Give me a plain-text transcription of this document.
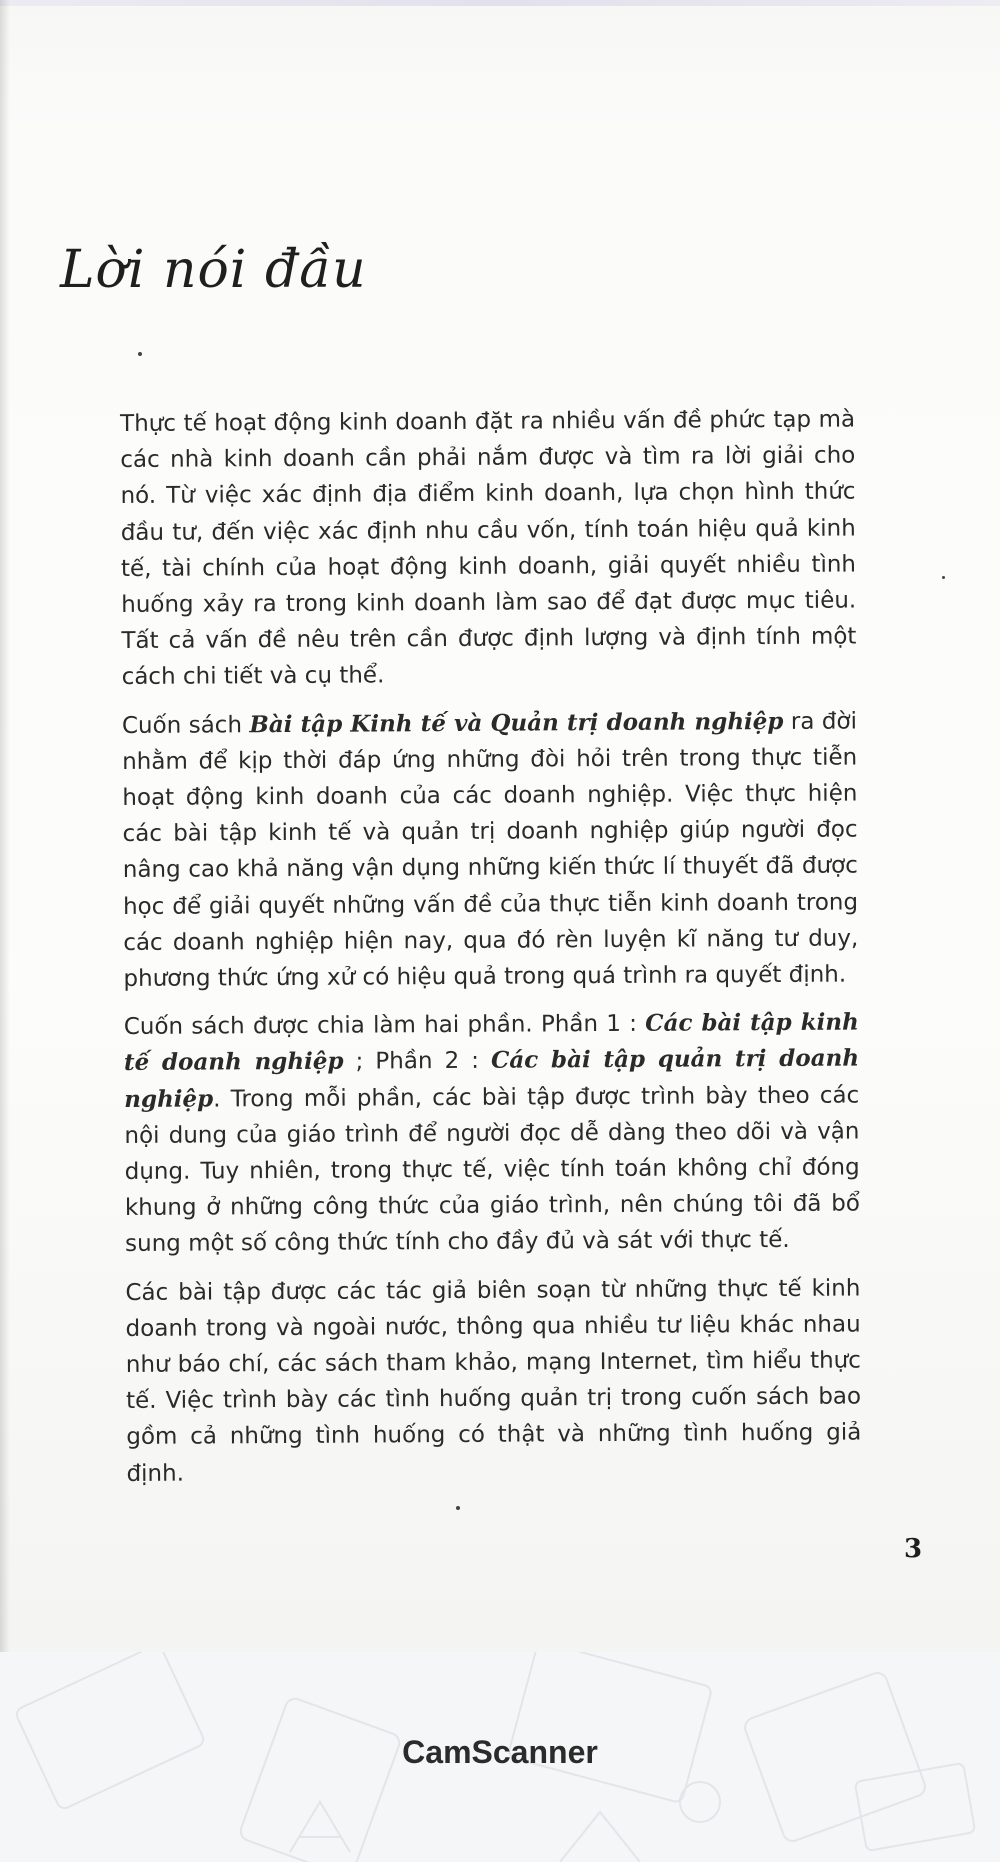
Lời nói đầu

Thực tế hoạt động kinh doanh đặt ra nhiều vấn đề phức tạp mà các nhà kinh doanh cần phải nắm được và tìm ra lời giải cho nó. Từ việc xác định địa điểm kinh doanh, lựa chọn hình thức đầu tư, đến việc xác định nhu cầu vốn, tính toán hiệu quả kinh tế, tài chính của hoạt động kinh doanh, giải quyết nhiều tình huống xảy ra trong kinh doanh làm sao để đạt được mục tiêu. Tất cả vấn đề nêu trên cần được định lượng và định tính một cách chi tiết và cụ thể.

Cuốn sách Bài tập Kinh tế và Quản trị doanh nghiệp ra đời nhằm để kịp thời đáp ứng những đòi hỏi trên trong thực tiễn hoạt động kinh doanh của các doanh nghiệp. Việc thực hiện các bài tập kinh tế và quản trị doanh nghiệp giúp người đọc nâng cao khả năng vận dụng những kiến thức lí thuyết đã được học để giải quyết những vấn đề của thực tiễn kinh doanh trong các doanh nghiệp hiện nay, qua đó rèn luyện kĩ năng tư duy, phương thức ứng xử có hiệu quả trong quá trình ra quyết định.

Cuốn sách được chia làm hai phần. Phần 1 : Các bài tập kinh tế doanh nghiệp ; Phần 2 : Các bài tập quản trị doanh nghiệp. Trong mỗi phần, các bài tập được trình bày theo các nội dung của giáo trình để người đọc dễ dàng theo dõi và vận dụng. Tuy nhiên, trong thực tế, việc tính toán không chỉ đóng khung ở những công thức của giáo trình, nên chúng tôi đã bổ sung một số công thức tính cho đầy đủ và sát với thực tế.

Các bài tập được các tác giả biên soạn từ những thực tế kinh doanh trong và ngoài nước, thông qua nhiều tư liệu khác nhau như báo chí, các sách tham khảo, mạng Internet, tìm hiểu thực tế. Việc trình bày các tình huống quản trị trong cuốn sách bao gồm cả những tình huống có thật và những tình huống giả định.

3
CamScanner
